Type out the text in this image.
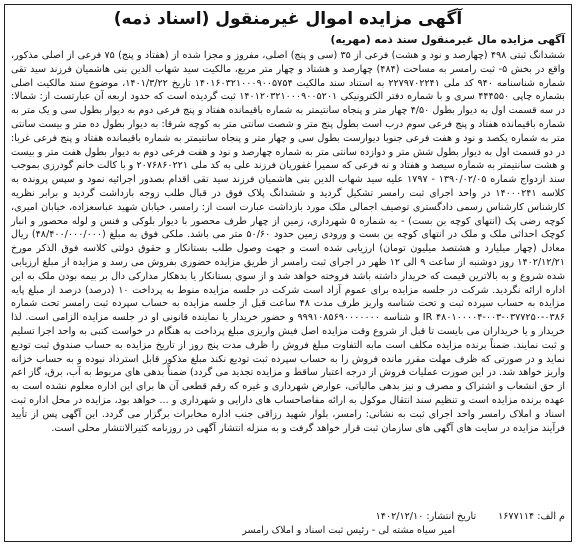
آگهی مزایده اموال غیرمنقول (اسناد ذمه)
آگهی مزایده مال غیرمنقول سند ذمه (مهریه)

ششدانگ ثبتی ۴۹۸ (چهارصد و نود و هشت) فرعی از ۳۵ (سی و پنج) اصلی، مفروز و مجزا شده از (هفتاد و پنج) ۷۵ فرعی از اصلی مذکور، واقع در بخش ۵- ثبت رامسر به مساحت (۴۸۴) چهارصد و هشتاد و چهار متر مربع، مالکیت سید شهاب الدین بنی هاشمیان فرزند سید تقی شماره شناسنامه ۹۴۰ کد ملی ۲۲۷۹۷۰۲۲۴۱ به استناد سند مالکیت ۱۴۰۱۶۰۳۲۱۰۰۰۹۰۰۵۷۵۴ تاریخ ۱۴۰۱/۳/۲۲، موضوع سند مالکیت اصلی بشماره چاپی ۴۴۴۵۵۰ سری و با شماره دفتر الکترونیکی ۱۴۰۱۲۰۳۲۱۰۰۰۹۰۰۵۲۰۱ ثبت گردیده است که حدود اربعه آن عبارتست از: شمالا: در سه قسمت اول به دیوار بطول ۴/۵۰ چهار متر و پنجاه سانتیمتر به شماره باقیمانده هفتاد و پنج فرعی دوم به دیوار بطول سی و یک متر به شماره باقیمانده هفتاد و پنج فرعی سوم درب است بطول پنج متر و شصت سانتی متر به کوچه شرقا: به دیوار بطول ده متر و بیست سانتی متر به شماره یکصد و نود و هفت فرعی جنوبا دیوارست بطول سی و چهار متر و پنجاه سانتیمتر به شماره باقیمانده هفتاد و پنج فرعی غربا: در دو قسمت اول به دیوار بطول شش متر و دوازده سانتی متر به شماره چهارصد و نود و هفت فرعی دوم به دیوار بطول هفت متر و بیست و هشت سانتیمتر به شماره سیصد و هفتاد و نه فرعی که سمیرا غفوریان فرزند علی به کد ملی ۲۰۷۶۸۶۰۲۲۱ و با کالت خانم گودرزی بموجب سند ازدواج شماره ۱۳۹۰/۰۲/۰۵ - ۱۷۹۷ علیه سید شهاب الدین بنی هاشمیان فرزند سید تقی اقدام بصدور اجرائیه نمود و سپس پرونده به کلاسه ۱۴۰۰۰۲۴۱ در واحد اجرای ثبت رامسر تشکیل گردید و ششدانگ پلاک فوق در قبال طلب زوجه بازداشت گردید و برابر نظریه کارشناس کارشناس رسمی دادگستری توصیف اجمالی ملک مورد بازداشت عبارت است از: رامسر، خیابان شهید عباسعزاده، خیابان امیری، کوچه رضی پک (انتهای کوچه بن بست) - به شماره ۵ شهرداری، زمین از چهار طرف محصور با دیوار بلوکی و فنس و لوله محصور و انبار کوچک احداثی ملک و ملک در انتهای کوچه بن بست و ورودی زمین حدود ۵۰/۶۰ متر می باشد. ملکی فوق به مبلغ (۴۸/۴۰۰/۰۰۰/۰۰۰) ریال معادل (چهار میلیارد و هشتصد میلیون تومان) ارزیابی شده است و جهت وصول طلب بستانکار و حقوق دولتی کلاسه فوق الذکر مورخ ۱۴۰۲/۱۲/۲۱ روز دوشنبه از ساعت ۹ الی ۱۲ ظهر در اجرای ثبت رامسر از طریق مزایده حضوری بفروش می رسد و مزایده از مبلغ ارزیابی شده شروع و به بالاترین قیمت که خریدار داشته باشد فروخته خواهد شد و از سوی بستانکار یا بدهکار مدارکی دال بر بیمه بودن ملک به این اداره ارائه نگردید. شرکت در جلسه مزایده برای عموم آزاد است شرکت در جلسه مزایده منوط به پرداخت ۱۰ (درصد) درصد از مبلغ پایه مزایده به حساب سپرده ثبت و تحت شناسه واریز طرف مدت ۴۸ ساعت قبل از جلسه مزایده به حساب سپرده ثبت رامسر تحت شماره ۰۳۸۶-۰۳۷۷۲۵۰-۰۰۳-۴۸۰۱۰۰۰۰۴ IR و شناسه ۹۹۹۱۰۸۵۶۹۰۰۰۰۰۰۰ و حضور خریدار یا نماینده قانونی او در جلسه مزایده الزامی است. لذا خریدار و یا خریداران می بایست تا قبل از شروع وقت مزایده اصل فیش واریزی مبلغ پرداخت به هنگام در خواست کتبی به واحد اجرا تسلیم و ثبت نمایند. ضمناً برنده مزایده مکلف است مابه التفاوت مبلغ فروش را ظرف مدت پنج روز از تاریخ مزایده به حساب صندوق ثبت تودیع نماید و در صورتی که ظرف مهلت مقرر مانده فروش را به حساب سپرده ثبت تودیع نکند مبلغ مذکور قابل استرداد نبوده و به حساب خزانه واریز خواهد شد. در این صورت عملیات فروش از درجه اعتبار ساقط و مزایده تجدید می گردد) ضمناً بدهی های مربوط به آب، برق، گاز اعم از حق انشعاب و اشتراک و مصرف و نیز بدهی مالیاتی، عوارض شهرداری و غیره که رقم قطعی آن ها برای این اداره معلوم نشده است به عهده برنده مزایده است و تنظیم سند انتقال موکول به ارائه مفاصاحساب های دارایی و شهرداری و ... خواهد بود، مزایده در محل اداره ثبت اسناد و املاک رامسر واحد اجرای ثبت به نشانی: رامسر، بلوار شهید رزاقی جنب اداره مخابرات برگزار می گردد. این آگهی پس از تأیید فرآیند مزایده در سایت های آگهی های سازمان ثبت قرار خواهد گرفت و به منزله انتشار آگهی در روزنامه کثیرالانتشار محلی است.

م الف: ۱۶۷۷۱۱۴
تاریخ انتشار: ۱۴۰۲/۱۲/۱۰
امیر سیاه مشته لی - رئیس ثبت اسناد و املاک رامسر
